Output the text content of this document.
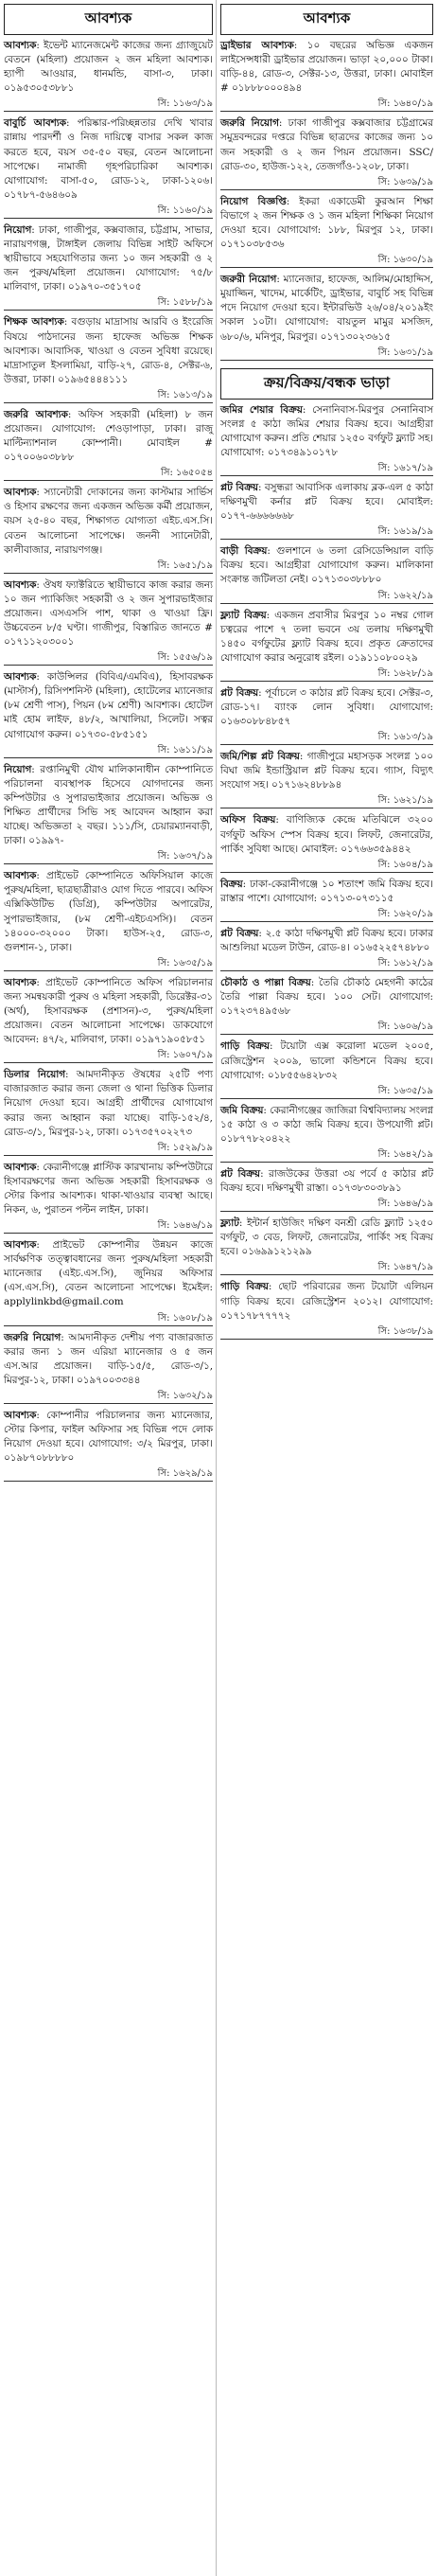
আবশ্যক

আবশ্যক: ইভেন্ট ম্যানেজমেন্ট কাজের জন্য গ্র্যাজুয়েট বেতনে (মহিলা) প্রয়োজন ২ জন মহিলা আবশ্যক। হ্যাপী আওয়ার, ধানমন্ডি, বাসা-৩, ঢাকা। ০১৯৫৩০৫৩৮৮১

সি: ১১৬৩/১৯

বাবুর্চি আবশ্যক: পরিষ্কার-পরিচ্ছন্নতার দেখি খাবার রান্নায় পারদর্শী ও নিজ দায়িত্বে বাসার সকল কাজ করতে হবে, বয়স ৩৫-৫০ বছর, বেতন আলোচনা সাপেক্ষে। নামাজী গৃহপরিচারিকা আবশ্যক। যোগাযোগ: বাসা-৫০, রোড-১২, ঢাকা-১২০৬। ০১৭৮৭-৫৬৪৬০৯

সি: ১১৬০/১৯

নিয়োগ: ঢাকা, গাজীপুর, কক্সবাজার, চট্টগ্রাম, সাভার, নারায়ণগঞ্জ, টাঙ্গাইল জেলায় বিভিন্ন সাইট অফিসে স্থায়ীভাবে সহযোগিতার জন্য ১০ জন সহকারী ও ২ জন পুরুষ/মহিলা প্রয়োজন। যোগাযোগ: ৭৫/৮ মালিবাগ, ঢাকা। ০১৯৭০-৩৫১৭০৫

সি: ১৫৮৮/১৯

শিক্ষক আবশ্যক: বগুড়ায় মাদ্রাসায় আরবি ও ইংরেজি বিষয়ে পাঠদানের জন্য হাফেজ অভিজ্ঞ শিক্ষক আবশ্যক। আবাসিক, খাওয়া ও বেতন সুবিধা রয়েছে। মাদ্রাসাতুল ইসলামিয়া, বাড়ি-২৭, রোড-৪, সেক্টর-৬, উত্তরা, ঢাকা। ০১৯৬৫৪৪৪১১১

সি: ১৬১৩/১৯

জরুরি আবশ্যক: অফিস সহকারী (মহিলা) ৮ জন প্রয়োজন। যোগাযোগ: শেওড়াপাড়া, ঢাকা। রাজু মাল্টিন্যাশনাল কোম্পানী। মোবাইল # ০১৭০০৬০৩৮৮৮

সি: ১৬৫০৫৪

আবশ্যক: স্যানেটারী দোকানের জন্য কাস্টমার সার্ভিস ও হিসাব রক্ষণের জন্য একজন অভিজ্ঞ কর্মী প্রয়োজন, বয়স ২৫-৪০ বছর, শিক্ষাগত যোগ্যতা এইচ.এস.সি। বেতন আলোচনা সাপেক্ষে। জননী স্যানেটারী, কালীবাজার, নারায়ণগঞ্জ।

সি: ১৬৫১/১৯

আবশ্যক: ঔষধ ফ্যাক্টরিতে স্থায়ীভাবে কাজ করার জন্য ১০ জন প্যাকিজিং সহকারী ও ২ জন সুপারভাইজার প্রয়োজন। এসএসসি পাশ, থাকা ও খাওয়া ফ্রি। উচ্চবেতন ৮/৫ ঘণ্টা। গাজীপুর, বিস্তারিত জানতে # ০১৭১১২০৩০০১

সি: ১৫৫৬/১৯

আবশ্যক: কাউন্সিলর (বিবিএ/এমবিএ), হিসাবরক্ষক (মাস্টার্স), রিসিপশনিস্ট (মহিলা), হোটেলের ম্যানেজার (৮ম শ্রেণী পাস), পিয়ন (৮ম শ্রেণী) আবশ্যক। হোটেল মাই হোম লাইফ, ৪৮/২, আখালিয়া, সিলেট। সত্বর যোগাযোগ করুন। ০১৭৩০-৫৮৫১৫১

সি: ১৬১১/১৯

নিয়োগ: রপ্তানিমুখী যৌথ মালিকানাধীন কোম্পানিতে পরিচালনা ব্যবস্থাপক হিসেবে যোগদানের জন্য কম্পিউটার ও সুপারভাইজার প্রয়োজন। অভিজ্ঞ ও শিক্ষিত প্রার্থীদের সিভি সহ আবেদন আহ্বান করা যাচ্ছে। অভিজ্ঞতা ২ বছর। ১১১/সি, চেয়ারম্যানবাড়ী, ঢাকা। ০১৯৯৭-

সি: ১৬৩৭/১৯

আবশ্যক: প্রাইভেট কোম্পানিতে অফিসিয়াল কাজে পুরুষ/মহিলা, ছাত্রছাত্রীরাও যোগ দিতে পারবে। অফিস এক্সিকিউটিভ (ডিগ্রি), কম্পিউটার অপারেটর, সুপারভাইজার, (৮ম শ্রেণী-এইচএসসি)। বেতন ১৪০০০-৩২০০০ টাকা। হাউস-২৫, রোড-৩, গুলশান-১, ঢাকা।

সি: ১৬৩৫/১৯

আবশ্যক: প্রাইভেট কোম্পানিতে অফিস পরিচালনার জন্য সমন্বয়কারী পুরুষ ও মহিলা সহকারী, ডিরেক্টর-৩১ (অর্থ), হিসাবরক্ষক (প্রশাসন)-৩, পুরুষ/মহিলা প্রয়োজন। বেতন আলোচনা সাপেক্ষে। ডাকযোগে আবেদন: ৪৭/২, মালিবাগ, ঢাকা। ০১৯৭১৯০৫৮৫১

সি: ১৬০৭/১৯

ডিলার নিয়োগ: আমদানীকৃত ঔষধের ২৫টি পণ্য বাজারজাত করার জন্য জেলা ও থানা ভিত্তিক ডিলার নিয়োগ দেওয়া হবে। আগ্রহী প্রার্থীদের যোগাযোগ করার জন্য আহ্বান করা যাচ্ছে। বাড়ি-১৫২/৪, রোড-৩/১, মিরপুর-১২, ঢাকা। ০১৭৩৫৭০২২৭৩

সি: ১৫২৯/১৯

আবশ্যক: কেরানীগঞ্জে প্লাস্টিক কারখানায় কম্পিউটারে হিসাবরক্ষণের জন্য অভিজ্ঞ সহকারী হিসাবরক্ষক ও স্টোর কিপার আবশ্যক। থাকা-খাওয়ার ব্যবস্থা আছে। নিকন, ৬, পুরাতন পল্টন লাইন, ঢাকা।

সি: ১৬৪৬/১৯

আবশ্যক: প্রাইভেট কোম্পানীর উন্নয়ন কাজে সার্বক্ষণিক তত্ত্বাবধানের জন্য পুরুষ/মহিলা সহকারী ম্যানেজার (এইচ.এস.সি), জুনিয়র অফিসার (এস.এস.সি), বেতন আলোচনা সাপেক্ষে। ইমেইল: applylinkbd@gmail.com

সি: ১৬০৮/১৯

জরুরি নিয়োগ: আমদানীকৃত দেশীয় পণ্য বাজারজাত করার জন্য ১ জন এরিয়া ম্যানেজার ও ৫ জন এস.আর প্রয়োজন। বাড়ি-১৫/৫, রোড-৩/১, মিরপুর-১২, ঢাকা। ০১৯৭০০৩৩৪৪

সি: ১৬৩২/১৯

আবশ্যক: কোম্পানীর পরিচালনার জন্য ম্যানেজার, স্টোর কিপার, ফাইল অফিসার সহ বিভিন্ন পদে লোক নিয়োগ দেওয়া হবে। যোগাযোগ: ৩/২ মিরপুর, ঢাকা। ০১৯৮৭০৮৮৮৮০

সি: ১৬২৯/১৯
আবশ্যক

ড্রাইভার আবশ্যক: ১০ বছরের অভিজ্ঞ একজন লাইসেন্সধারী ড্রাইভার প্রয়োজন। ভাড়া ২০,০০০ টাকা। বাড়ি-৪৪, রোড-৩, সেক্টর-১৩, উত্তরা, ঢাকা। মোবাইল # ০১৮৮৮০০০৪৯৪

সি: ১৬৪০/১৯

জরুরি নিয়োগ: ঢাকা গাজীপুর কক্সবাজার চট্টগ্রামের সমুদ্রবন্দরের দপ্তরে বিভিন্ন ছাত্রদের কাজের জন্য ১০ জন সহকারী ও ২ জন পিয়ন প্রয়োজন। SSC/রোড-৩০, হাউজ-১২২, তেজগাঁও-১২০৮, ঢাকা।

সি: ১৬৩৯/১৯

নিয়োগ বিজ্ঞপ্তি: ইকরা একাডেমী কুরআন শিক্ষা বিভাগে ২ জন শিক্ষক ও ১ জন মহিলা শিক্ষিকা নিয়োগ দেওয়া হবে। যোগাযোগ: ১৮৮, মিরপুর ১২, ঢাকা। ০১৭১০৩৮৫৩৬

সি: ১৬৩০/১৯

জরুরী নিয়োগ: ম্যানেজার, হাফেজ, আলিম/মোহাদ্দিস, মুয়াজ্জিন, খাদেম, মার্কেটিং, ড্রাইভার, বাবুর্চি সহ বিভিন্ন পদে নিয়োগ দেওয়া হবে। ইন্টারভিউ ২৬/০৪/২০১৯ইং সকাল ১০টা। যোগাযোগ: বায়তুল মামুর মসজিদ, ৬৮০/৬, মনিপুর, মিরপুর। ০১৭১৩০২৩৬১৫

সি: ১৬৩১/১৯
ক্রয়/বিক্রয়/বন্ধক ভাড়া

জমির শেয়ার বিক্রয়: সেনানিবাস-মিরপুর সেনানিবাস সংলগ্ন ৫ কাঠা জমির শেয়ার বিক্রয় হবে। আগ্রহীরা যোগাযোগ করুন। প্রতি শেয়ার ১২৫০ বর্গফুট ফ্ল্যাট সহ। যোগাযোগ: ০১৭৩৪৯১০১৭৮

সি: ১৬১৭/১৯

প্লট বিক্রয়: বসুন্ধরা আবাসিক এলাকায় ব্লক-এল ৫ কাঠা দক্ষিণমুখী কর্নার প্লট বিক্রয় হবে। মোবাইল: ০১৭৭-৬৬৬৬৬৬৮

সি: ১৬১৯/১৯

বাড়ী বিক্রয়: গুলশানে ৬ তলা রেসিডেন্সিয়াল বাড়ি বিক্রয় হবে। আগ্রহীরা যোগাযোগ করুন। মালিকানা সংক্রান্ত জটিলতা নেই। ০১৭১৩০৩৮৮৮০

সি: ১৬২২/১৯

ফ্ল্যাট বিক্রয়: একজন প্রবাসীর মিরপুর ১০ নম্বর গোল চত্বরের পাশে ৭ তলা ভবনে ৩য় তলায় দক্ষিণমুখী ১৪৫০ বর্গফুটের ফ্ল্যাট বিক্রয় হবে। প্রকৃত ক্রেতাদের যোগাযোগ করার অনুরোধ রইল। ০১৯১১০৮০০২৯

সি: ১৬২৮/১৯

প্লট বিক্রয়: পূর্বাচলে ৩ কাঠার প্লট বিক্রয় হবে। সেক্টর-৩, রোড-১৭। ব্যাংক লোন সুবিধা। যোগাযোগ: ০১৬৩০৮৮৪৮৫৭

সি: ১৬১৩/১৯

জমি/শিল্প প্লট বিক্রয়: গাজীপুরে মহাসড়ক সংলগ্ন ১০০ বিঘা জমি ইন্ডাস্ট্রিয়াল প্লট বিক্রয় হবে। গ্যাস, বিদ্যুৎ সংযোগ সহ। ০১৭১৬২৪৮৮৯৪

সি: ১৬২১/১৯

অফিস বিক্রয়: বাণিজ্যিক কেন্দ্রে মতিঝিলে ৩২০০ বর্গফুট অফিস স্পেস বিক্রয় হবে। লিফট, জেনারেটর, পার্কিং সুবিধা আছে। মোবাইল: ০১৭৬৬৩৫৯৪৪২

সি: ১৬০৪/১৯

বিক্রয়: ঢাকা-কেরানীগঞ্জে ১০ শতাংশ জমি বিক্রয় হবে। রাস্তার পাশে। যোগাযোগ: ০১৭১৩-০৭৩১১৫

সি: ১৬২০/১৯

প্লট বিক্রয়: ২.৫ কাঠা দক্ষিণমুখী প্লট বিক্রয় হবে। ঢাকার আশুলিয়া মডেল টাউন, রোড-৪। ০১৬৫২২৫৭৪৮৮০

সি: ১৬১২/১৯

চৌকাঠ ও পাল্লা বিক্রয়: তৈরি চৌকাঠ মেহগনী কাঠের তৈরি পাল্লা বিক্রয় হবে। ১০০ সেট। যোগাযোগ: ০১৭২৩৭৪৯৫৬৮

সি: ১৬০৬/১৯

গাড়ি বিক্রয়: টয়োটা এক্স করোলা মডেল ২০০৫, রেজিস্ট্রেশন ২০০৯, ভালো কন্ডিশনে বিক্রয় হবে। যোগাযোগ: ০১৮৫৫৬৪২৮৩২

সি: ১৬৩৫/১৯

জমি বিক্রয়: কেরানীগঞ্জের জাজিরা বিশ্ববিদ্যালয় সংলগ্ন ১৫ কাঠা ও ৩ কাঠা জমি বিক্রয় হবে। উপযোগী প্লট। ০১৮৭৭৮২০৪২২

সি: ১৬৪২/১৯

প্লট বিক্রয়: রাজউকের উত্তরা ৩য় পর্বে ৫ কাঠার প্লট বিক্রয় হবে। দক্ষিণমুখী রাস্তা। ০১৭৩৮৩০৩৮৯১

সি: ১৬৪৬/১৯

ফ্ল্যাট: ইন্টার্ন হাউজিং দক্ষিণ বনশ্রী রেডি ফ্ল্যাট ১২৫০ বর্গফুট, ৩ বেড, লিফট, জেনারেটর, পার্কিং সহ বিক্রয় হবে। ০১৬৯৯১২১২৯৯

সি: ১৬৪৭/১৯

গাড়ি বিক্রয়: ছোট পরিবারের জন্য টয়োটা এলিয়ন গাড়ি বিক্রয় হবে। রেজিস্ট্রেশন ২০১২। যোগাযোগ: ০১৭১৭৮৭৭৭৭২

সি: ১৬৩৮/১৯
